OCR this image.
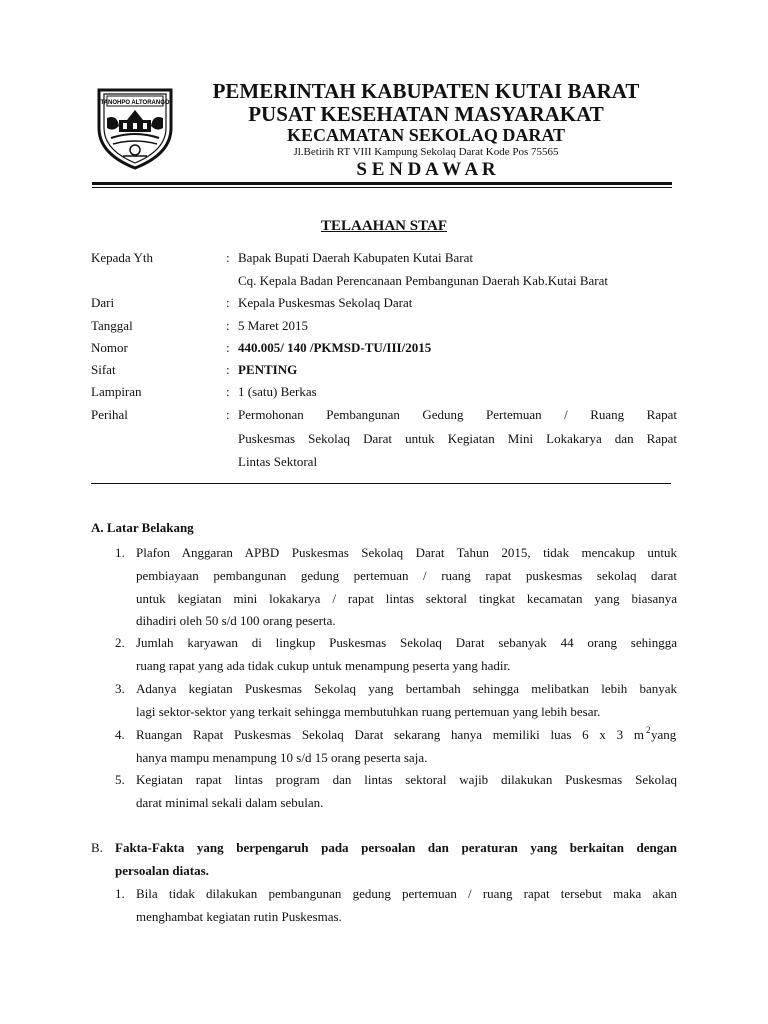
TANOHPO ALTORANGO	PEMERINTAH KABUPATEN KUTAI BARAT
PUSAT KESEHATAN MASYARAKAT
KECAMATAN SEKOLAQ DARAT
Jl.Betirih RT VIII Kampung Sekolaq Darat Kode Pos 75565
S E N D A W A R
TELAAHAN STAF
Kepada Yth	: Bapak Bupati Daerah Kabupaten Kutai Barat
Cq. Kepala Badan Perencanaan Pembangunan Daerah Kab.Kutai Barat
Dari	: Kepala Puskesmas Sekolaq Darat
Tanggal	: 5 Maret 2015
Nomor	: 440.005/ 140 /PKMSD-TU/III/2015
Sifat	: PENTING
Lampiran	: 1 (satu) Berkas
Perihal	: Permohonan Pembangunan Gedung Pertemuan / Ruang Rapat
Puskesmas Sekolaq Darat untuk Kegiatan Mini Lokakarya dan Rapat
Lintas Sektoral
A. Latar Belakang
1. Plafon Anggaran APBD Puskesmas Sekolaq Darat Tahun 2015, tidak mencakup untuk
pembiayaan pembangunan gedung pertemuan / ruang rapat puskesmas sekolaq darat
untuk kegiatan mini lokakarya / rapat lintas sektoral tingkat kecamatan yang biasanya
dihadiri oleh 50 s/d 100 orang peserta.
2. Jumlah karyawan di lingkup Puskesmas Sekolaq Darat sebanyak 44 orang sehingga
ruang rapat yang ada tidak cukup untuk menampung peserta yang hadir.
3. Adanya kegiatan Puskesmas Sekolaq yang bertambah sehingga melibatkan lebih banyak
lagi sektor-sektor yang terkait sehingga membutuhkan ruang pertemuan yang lebih besar.
4. Ruangan Rapat Puskesmas Sekolaq Darat sekarang hanya memiliki luas 6 x 3 m 2 yang
hanya mampu menampung 10 s/d 15 orang peserta saja.
5. Kegiatan rapat lintas program dan lintas sektoral wajib dilakukan Puskesmas Sekolaq
darat minimal sekali dalam sebulan.
B. Fakta-Fakta yang berpengaruh pada persoalan dan peraturan yang berkaitan dengan
persoalan diatas.
1. Bila tidak dilakukan pembangunan gedung pertemuan / ruang rapat tersebut maka akan
menghambat kegiatan rutin Puskesmas.
